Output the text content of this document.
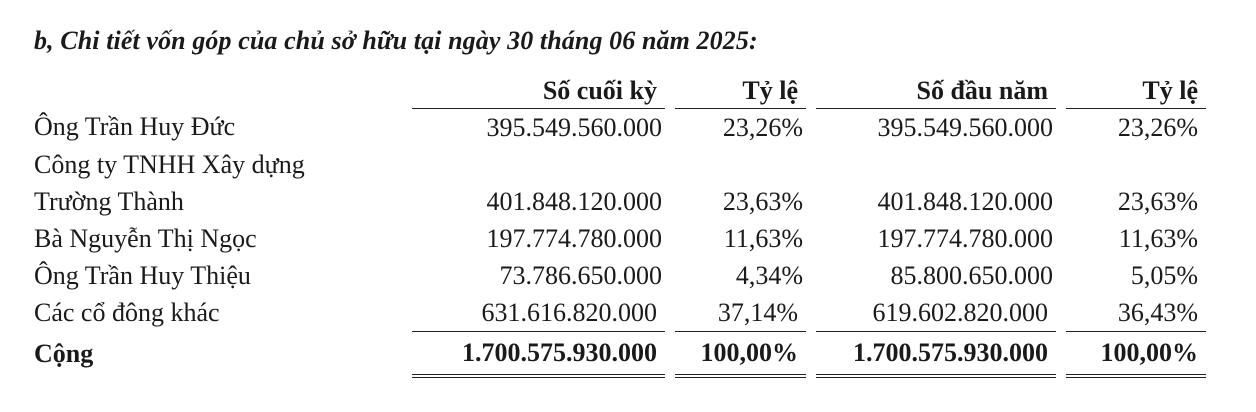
b, Chi tiết vốn góp của chủ sở hữu tại ngày 30 tháng 06 năm 2025:
	Số cuối kỳ	Tỷ lệ	Số đầu năm	Tỷ lệ
Ông Trần Huy Đức	395.549.560.000	23,26%	395.549.560.000	23,26%
Công ty TNHH Xây dựng				
Trường Thành	401.848.120.000	23,63%	401.848.120.000	23,63%
Bà Nguyễn Thị Ngọc	197.774.780.000	11,63%	197.774.780.000	11,63%
Ông Trần Huy Thiệu	73.786.650.000	4,34%	85.800.650.000	5,05%
Các cổ đông khác	631.616.820.000	37,14%	619.602.820.000	36,43%
Cộng	1.700.575.930.000	100,00%	1.700.575.930.000	100,00%
